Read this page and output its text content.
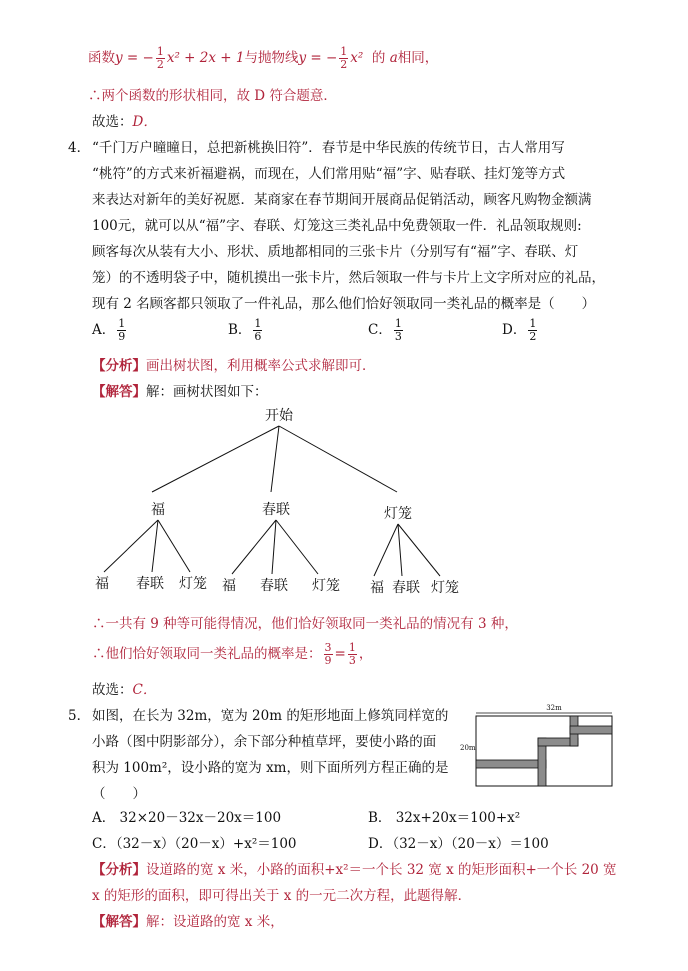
函数y = − $\frac{1}{2} x^2 + 2x + 1$与抛物线y = − $\frac{1}{2} x^2$ 的 a相同，
∴两个函数的形状相同，故 D 符合题意．
故选：D．
4． “千门万户曈曈日，总把新桃换旧符”．春节是中华民族的传统节日，古人常用写
“桃符”的方式来祈福避祸，而现在，人们常用贴“福”字、贴春联、挂灯笼等方式
来表达对新年的美好祝愿．某商家在春节期间开展商品促销活动，顾客凡购物金额满
100元，就可以从“福”字、春联、灯笼这三类礼品中免费领取一件．礼品领取规则:
顾客每次从装有大小、形状、质地都相同的三张卡片（分别写有“福”字、春联、灯
笼）的不透明袋子中，随机摸出一张卡片，然后领取一件与卡片上文字所对应的礼品，
现有 2 名顾客都只领取了一件礼品，那么他们恰好领取同一类礼品的概率是（　　）
A． $\frac{1}{9}$	B． $\frac{1}{6}$	C． $\frac{1}{3}$	D． $\frac{1}{2}$
【分析】画出树状图，利用概率公式求解即可．
【解答】解：画树状图如下：
开始
福	春联	灯笼
福 春联 灯笼 福 春联 灯笼 福 春联 灯笼
∴一共有 9 种等可能得情况，他们恰好领取同一类礼品的情况有 3 种，
∴他们恰好领取同一类礼品的概率是： $\frac{3}{9} = \frac{1}{3}$ ，
故选：C．
5． 如图，在长为 32m，宽为 20m 的矩形地面上修筑同样宽的
小路（图中阴影部分），余下部分种植草坪，要使小路的面
积为 100m²，设小路的宽为 xm，则下面所列方程正确的是
（　　）
32m
20m
A． 32×20－32x－20x＝100	B． 32x+20x＝100+x²
C．（32－x）（20－x）+x²＝100	D．（32－x）（20－x）＝100
【分析】设道路的宽 x 米，小路的面积+x²＝一个长 32 宽 x 的矩形面积+一个长 20 宽
x 的矩形的面积，即可得出关于 x 的一元二次方程，此题得解．
【解答】解：设道路的宽 x 米，
